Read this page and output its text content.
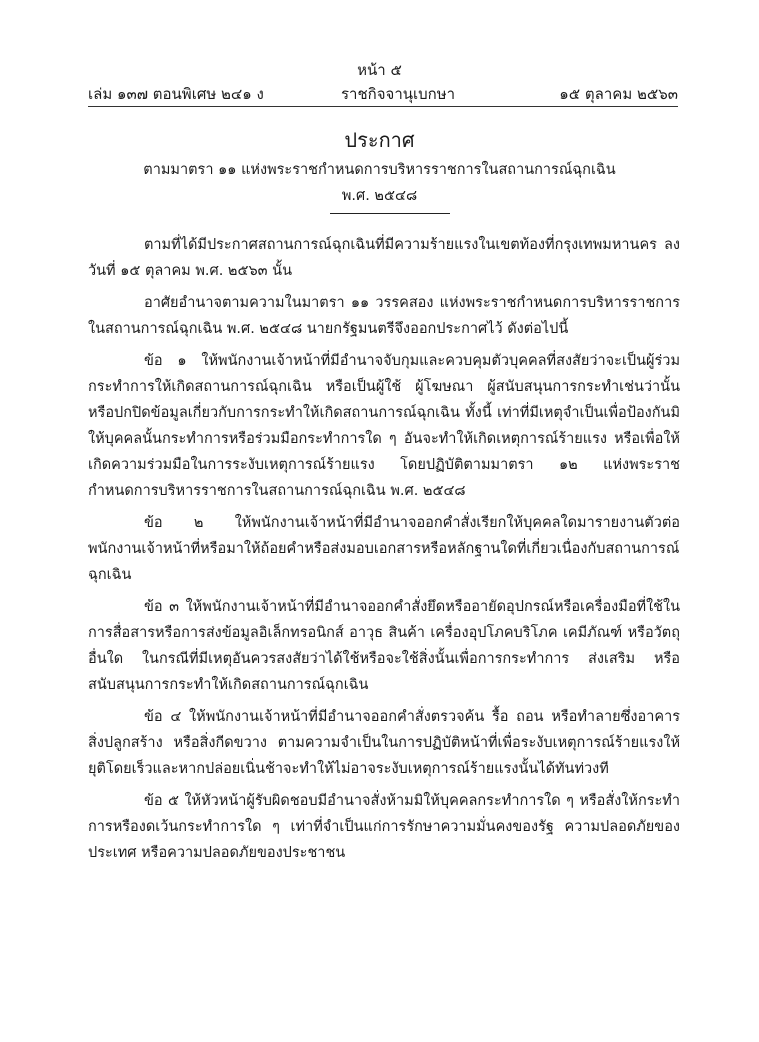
หน้า ๕
เล่ม ๑๓๗ ตอนพิเศษ ๒๔๑ ง	ราชกิจจานุเบกษา	๑๕ ตุลาคม ๒๕๖๓
ประกาศ
ตามมาตรา ๑๑ แห่งพระราชกำหนดการบริหารราชการในสถานการณ์ฉุกเฉิน
พ.ศ. ๒๕๔๘

ตามที่ได้มีประกาศสถานการณ์ฉุกเฉินที่มีความร้ายแรงในเขตท้องที่กรุงเทพมหานคร ลงวันที่ ๑๕ ตุลาคม พ.ศ. ๒๕๖๓ นั้น

อาศัยอำนาจตามความในมาตรา ๑๑ วรรคสอง แห่งพระราชกำหนดการบริหารราชการในสถานการณ์ฉุกเฉิน พ.ศ. ๒๕๔๘ นายกรัฐมนตรีจึงออกประกาศไว้ ดังต่อไปนี้

ข้อ ๑ ให้พนักงานเจ้าหน้าที่มีอำนาจจับกุมและควบคุมตัวบุคคลที่สงสัยว่าจะเป็นผู้ร่วมกระทำการให้เกิดสถานการณ์ฉุกเฉิน หรือเป็นผู้ใช้ ผู้โฆษณา ผู้สนับสนุนการกระทำเช่นว่านั้น หรือปกปิดข้อมูลเกี่ยวกับการกระทำให้เกิดสถานการณ์ฉุกเฉิน ทั้งนี้ เท่าที่มีเหตุจำเป็นเพื่อป้องกันมิให้บุคคลนั้นกระทำการหรือร่วมมือกระทำการใด ๆ อันจะทำให้เกิดเหตุการณ์ร้ายแรง หรือเพื่อให้เกิดความร่วมมือในการระงับเหตุการณ์ร้ายแรง โดยปฏิบัติตามมาตรา ๑๒ แห่งพระราชกำหนดการบริหารราชการในสถานการณ์ฉุกเฉิน พ.ศ. ๒๕๔๘

ข้อ ๒ ให้พนักงานเจ้าหน้าที่มีอำนาจออกคำสั่งเรียกให้บุคคลใดมารายงานตัวต่อพนักงานเจ้าหน้าที่หรือมาให้ถ้อยคำหรือส่งมอบเอกสารหรือหลักฐานใดที่เกี่ยวเนื่องกับสถานการณ์ฉุกเฉิน

ข้อ ๓ ให้พนักงานเจ้าหน้าที่มีอำนาจออกคำสั่งยึดหรืออายัดอุปกรณ์หรือเครื่องมือที่ใช้ในการสื่อสารหรือการส่งข้อมูลอิเล็กทรอนิกส์ อาวุธ สินค้า เครื่องอุปโภคบริโภค เคมีภัณฑ์ หรือวัตถุอื่นใด ในกรณีที่มีเหตุอันควรสงสัยว่าได้ใช้หรือจะใช้สิ่งนั้นเพื่อการกระทำการ ส่งเสริม หรือสนับสนุนการกระทำให้เกิดสถานการณ์ฉุกเฉิน

ข้อ ๔ ให้พนักงานเจ้าหน้าที่มีอำนาจออกคำสั่งตรวจค้น รื้อ ถอน หรือทำลายซึ่งอาคาร สิ่งปลูกสร้าง หรือสิ่งกีดขวาง ตามความจำเป็นในการปฏิบัติหน้าที่เพื่อระงับเหตุการณ์ร้ายแรงให้ยุติโดยเร็วและหากปล่อยเนิ่นช้าจะทำให้ไม่อาจระงับเหตุการณ์ร้ายแรงนั้นได้ทันท่วงที

ข้อ ๕ ให้หัวหน้าผู้รับผิดชอบมีอำนาจสั่งห้ามมิให้บุคคลกระทำการใด ๆ หรือสั่งให้กระทำการหรืองดเว้นกระทำการใด ๆ เท่าที่จำเป็นแก่การรักษาความมั่นคงของรัฐ ความปลอดภัยของประเทศ หรือความปลอดภัยของประชาชน
